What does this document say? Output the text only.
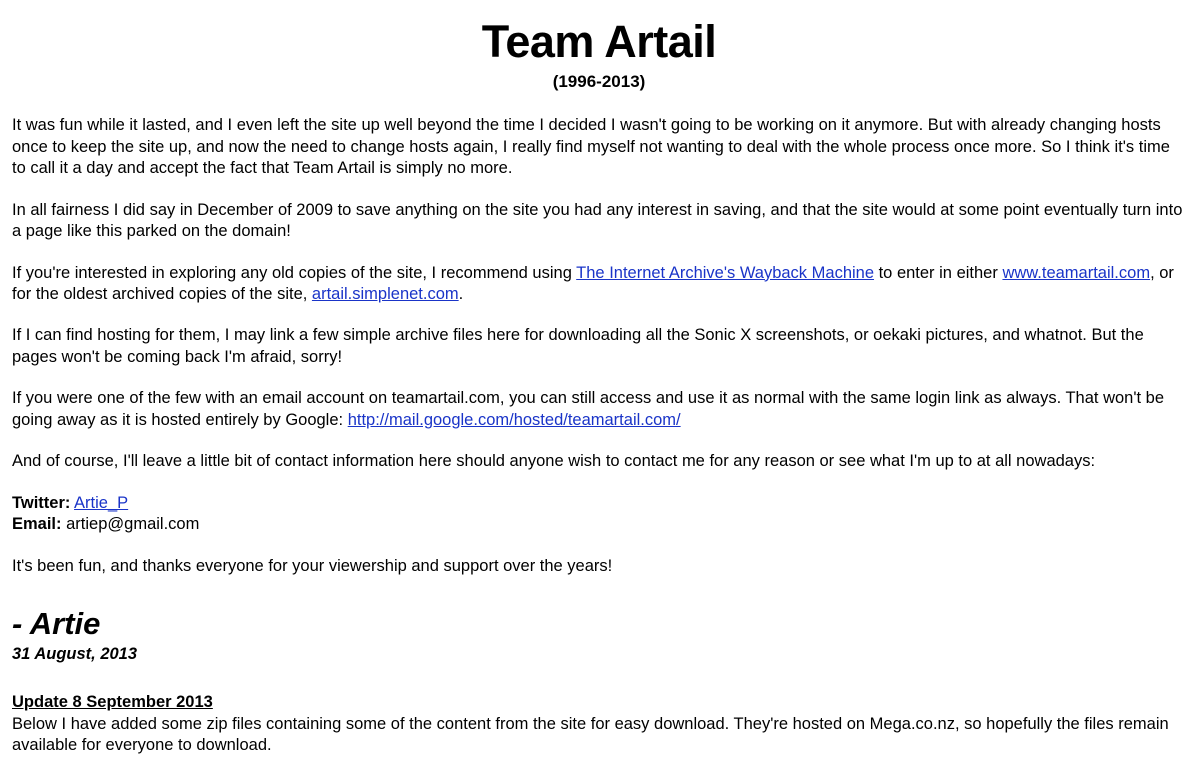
Team Artail
(1996-2013)

It was fun while it lasted, and I even left the site up well beyond the time I decided I wasn't going to be working on it anymore. But with already changing hosts once to keep the site up, and now the need to change hosts again, I really find myself not wanting to deal with the whole process once more. So I think it's time to call it a day and accept the fact that Team Artail is simply no more.

In all fairness I did say in December of 2009 to save anything on the site you had any interest in saving, and that the site would at some point eventually turn into a page like this parked on the domain!

If you're interested in exploring any old copies of the site, I recommend using The Internet Archive's Wayback Machine to enter in either www.teamartail.com, or for the oldest archived copies of the site, artail.simplenet.com.

If I can find hosting for them, I may link a few simple archive files here for downloading all the Sonic X screenshots, or oekaki pictures, and whatnot. But the pages won't be coming back I'm afraid, sorry!

If you were one of the few with an email account on teamartail.com, you can still access and use it as normal with the same login link as always. That won't be going away as it is hosted entirely by Google: http://mail.google.com/hosted/teamartail.com/

And of course, I'll leave a little bit of contact information here should anyone wish to contact me for any reason or see what I'm up to at all nowadays:

Twitter: Artie_P
Email: artiep@gmail.com

It's been fun, and thanks everyone for your viewership and support over the years!

- Artie
31 August, 2013
Update 8 September 2013
Below I have added some zip files containing some of the content from the site for easy download. They're hosted on Mega.co.nz, so hopefully the files remain available for everyone to download.
